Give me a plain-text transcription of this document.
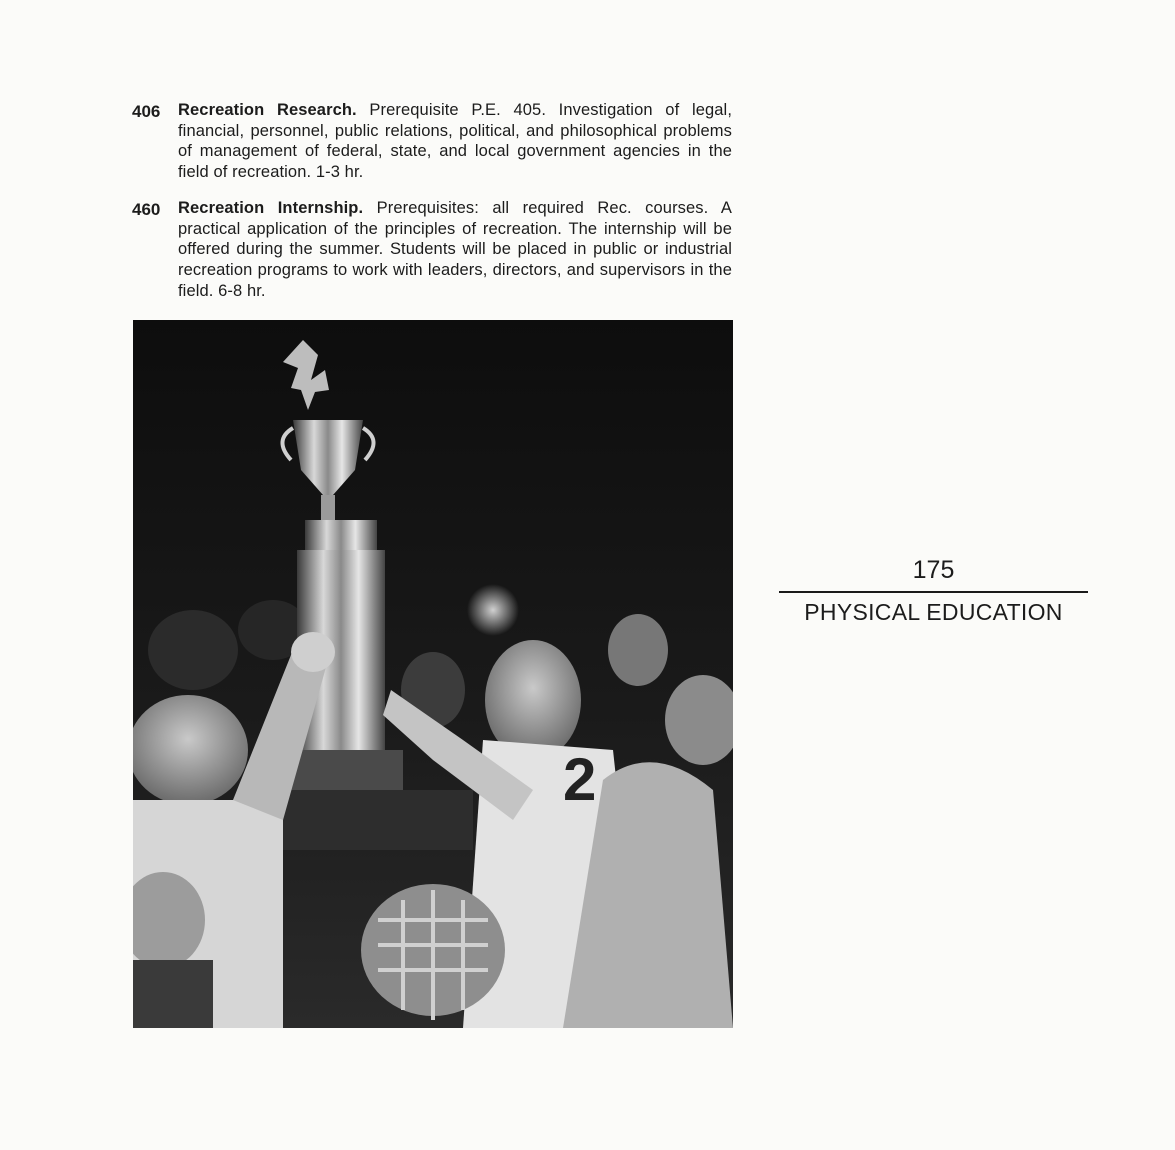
406 Recreation Research. Prerequisite P.E. 405. Investigation of legal, financial, personnel, public relations, political, and philosophical problems of management of federal, state, and local government agencies in the field of recreation. 1-3 hr.
460 Recreation Internship. Prerequisites: all required Rec. courses. A practical application of the principles of recreation. The internship will be offered during the summer. Students will be placed in public or industrial recreation programs to work with leaders, directors, and supervisors in the field. 6-8 hr.
2
175
PHYSICAL EDUCATION
